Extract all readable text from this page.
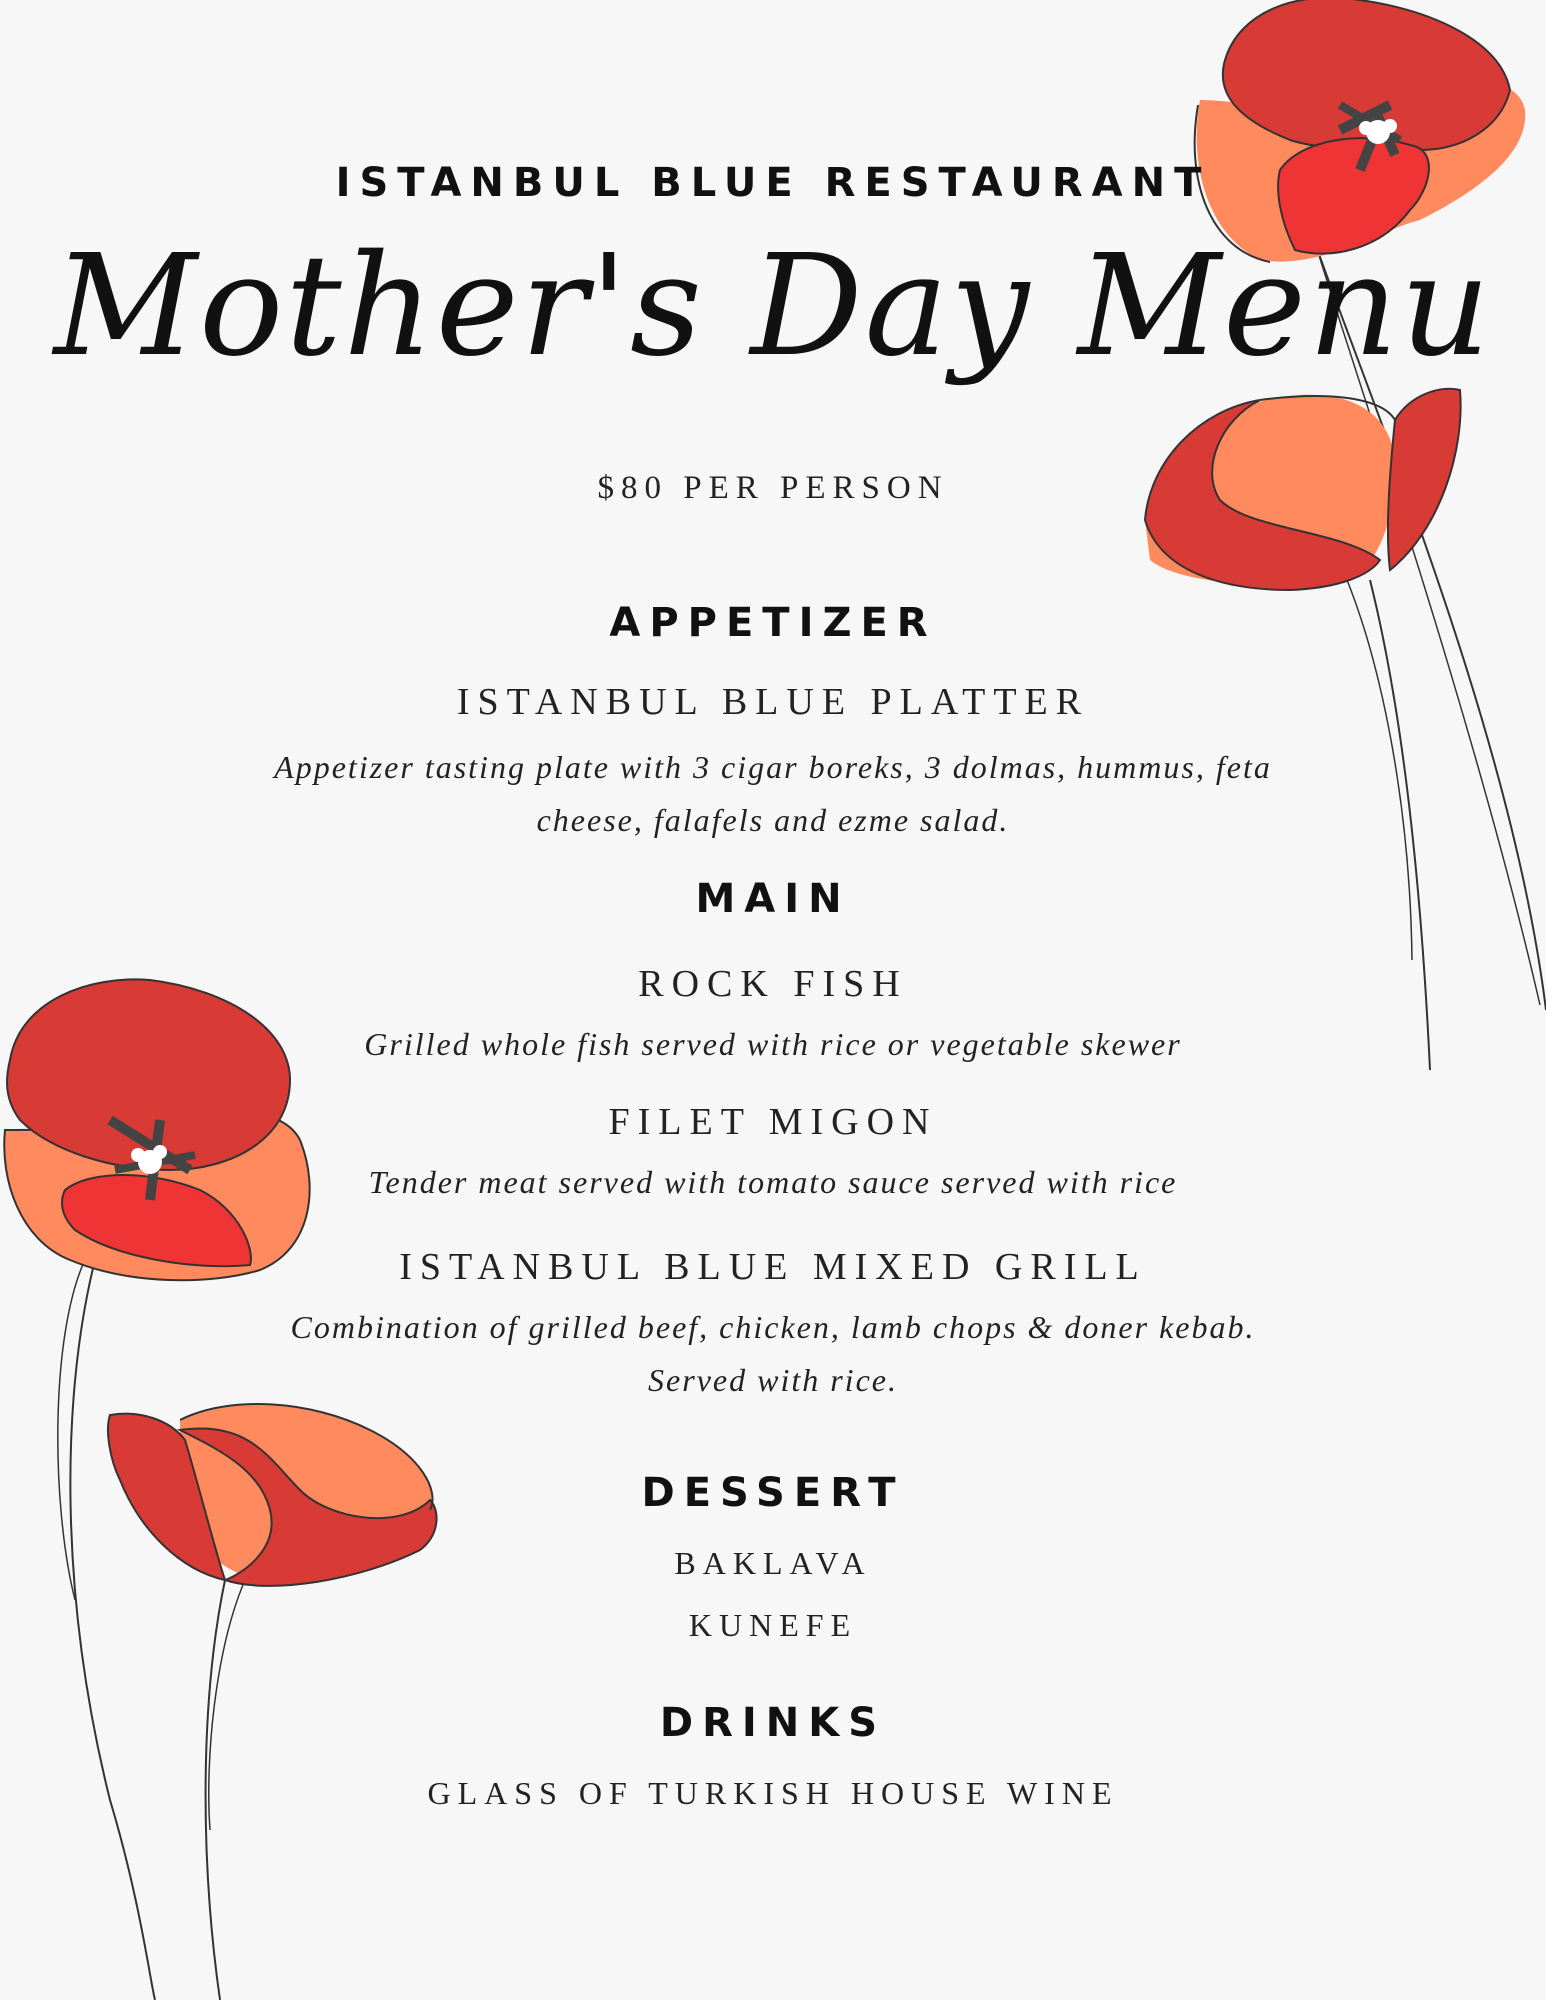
ISTANBUL BLUE RESTAURANT
Mother's Day Menu

$80 PER PERSON

APPETIZER

ISTANBUL BLUE PLATTER

Appetizer tasting plate with 3 cigar boreks, 3 dolmas, hummus, feta

cheese, falafels and ezme salad.

MAIN

ROCK FISH

Grilled whole fish served with rice or vegetable skewer

FILET MIGON

Tender meat served with tomato sauce served with rice

ISTANBUL BLUE MIXED GRILL

Combination of grilled beef, chicken, lamb chops & doner kebab.

Served with rice.

DESSERT

BAKLAVA

KUNEFE

DRINKS

GLASS OF TURKISH HOUSE WINE
